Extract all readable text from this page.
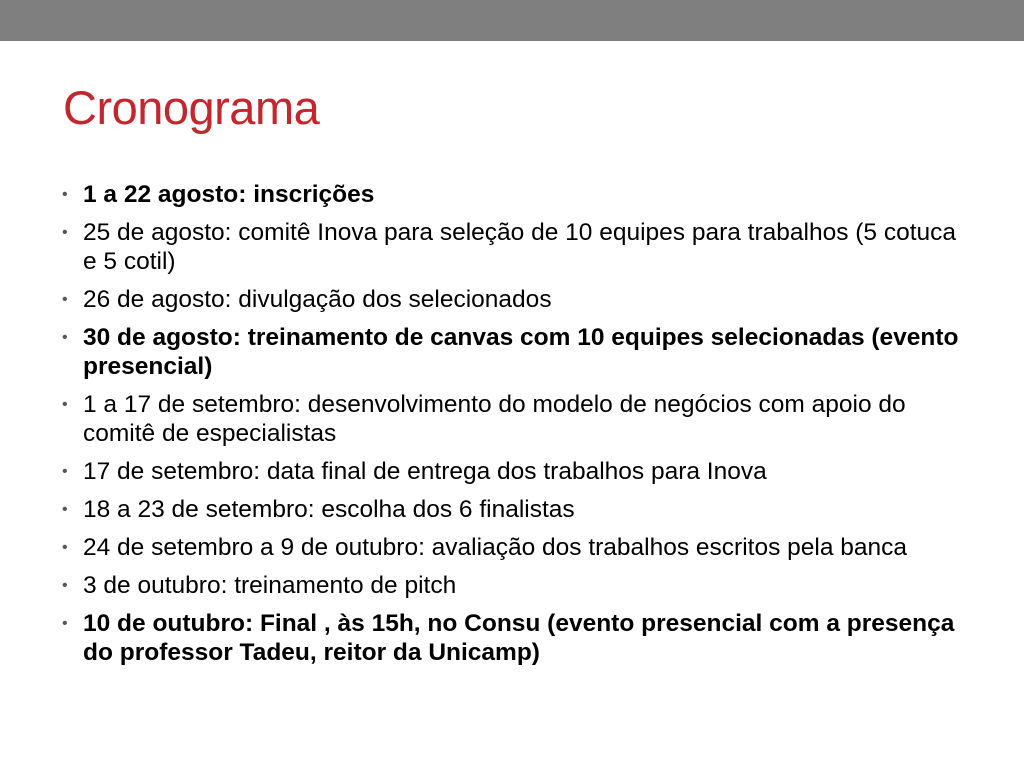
Cronograma
• 1 a 22 agosto: inscrições
• 25 de agosto: comitê Inova para seleção de 10 equipes para trabalhos (5 cotuca e 5 cotil)
• 26 de agosto: divulgação dos selecionados
• 30 de agosto: treinamento de canvas com 10 equipes selecionadas (evento presencial)
• 1 a 17 de setembro: desenvolvimento do modelo de negócios com apoio do comitê de especialistas
• 17 de setembro: data final de entrega dos trabalhos para Inova
• 18 a 23 de setembro: escolha dos 6 finalistas
• 24 de setembro a 9 de outubro: avaliação dos trabalhos escritos pela banca
• 3 de outubro: treinamento de pitch
• 10 de outubro: Final , às 15h, no Consu (evento presencial com a presença do professor Tadeu, reitor da Unicamp)
